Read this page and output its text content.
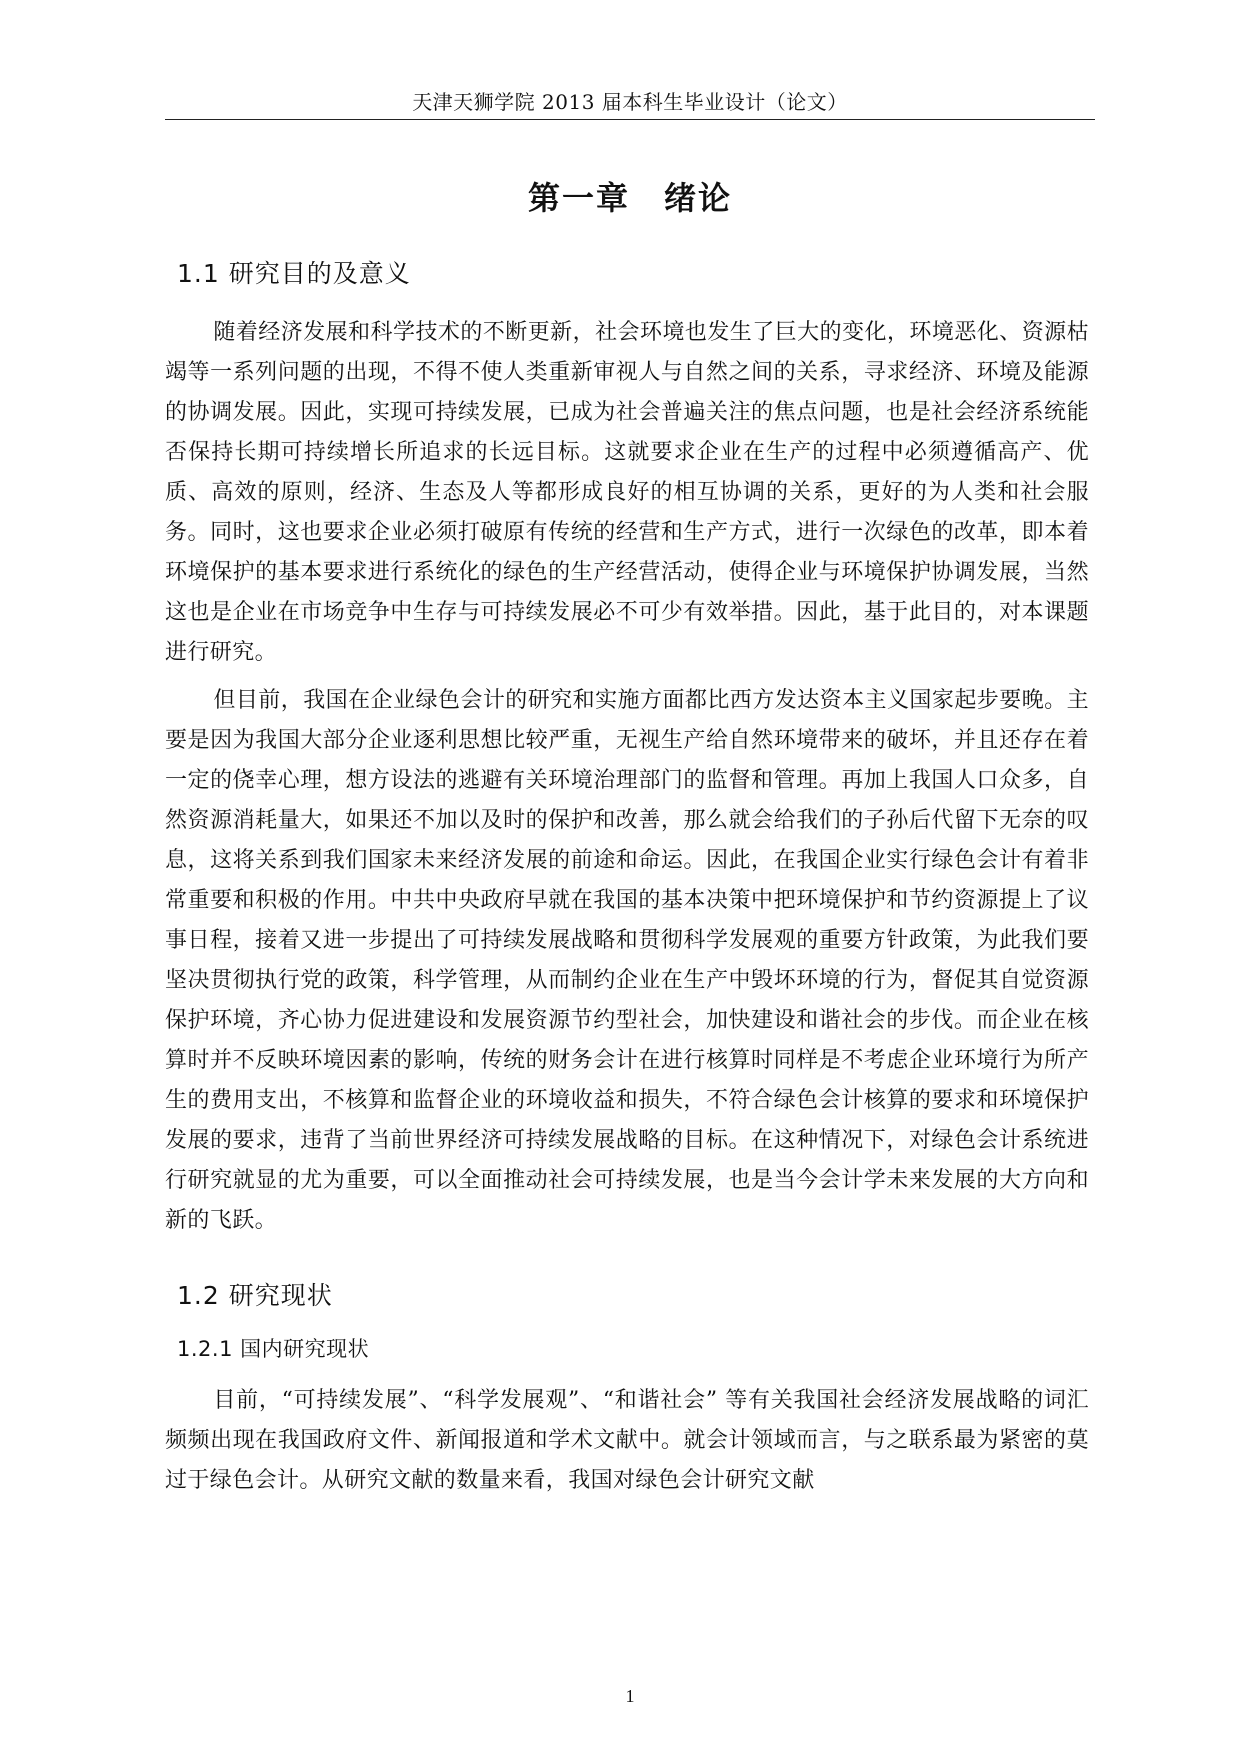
天津天狮学院 2013 届本科生毕业设计（论文）
第一章 绪论
1.1 研究目的及意义

随着经济发展和科学技术的不断更新，社会环境也发生了巨大的变化，环境恶化、资源枯竭等一系列问题的出现，不得不使人类重新审视人与自然之间的关系，寻求经济、环境及能源的协调发展。因此，实现可持续发展，已成为社会普遍关注的焦点问题，也是社会经济系统能否保持长期可持续增长所追求的长远目标。这就要求企业在生产的过程中必须遵循高产、优质、高效的原则，经济、生态及人等都形成良好的相互协调的关系，更好的为人类和社会服务。同时，这也要求企业必须打破原有传统的经营和生产方式，进行一次绿色的改革，即本着环境保护的基本要求进行系统化的绿色的生产经营活动，使得企业与环境保护协调发展，当然这也是企业在市场竞争中生存与可持续发展必不可少有效举措。因此，基于此目的，对本课题进行研究。

但目前，我国在企业绿色会计的研究和实施方面都比西方发达资本主义国家起步要晚。主要是因为我国大部分企业逐利思想比较严重，无视生产给自然环境带来的破坏，并且还存在着一定的侥幸心理，想方设法的逃避有关环境治理部门的监督和管理。再加上我国人口众多，自然资源消耗量大，如果还不加以及时的保护和改善，那么就会给我们的子孙后代留下无奈的叹息，这将关系到我们国家未来经济发展的前途和命运。因此，在我国企业实行绿色会计有着非常重要和积极的作用。中共中央政府早就在我国的基本决策中把环境保护和节约资源提上了议事日程，接着又进一步提出了可持续发展战略和贯彻科学发展观的重要方针政策，为此我们要坚决贯彻执行党的政策，科学管理，从而制约企业在生产中毁坏环境的行为，督促其自觉资源保护环境，齐心协力促进建设和发展资源节约型社会，加快建设和谐社会的步伐。而企业在核算时并不反映环境因素的影响，传统的财务会计在进行核算时同样是不考虑企业环境行为所产生的费用支出，不核算和监督企业的环境收益和损失，不符合绿色会计核算的要求和环境保护发展的要求，违背了当前世界经济可持续发展战略的目标。在这种情况下，对绿色会计系统进行研究就显的尤为重要，可以全面推动社会可持续发展，也是当今会计学未来发展的大方向和新的飞跃。

1.2 研究现状
1.2.1 国内研究现状

目前，“可持续发展”、“科学发展观”、“和谐社会” 等有关我国社会经济发展战略的词汇频频出现在我国政府文件、新闻报道和学术文献中。就会计领域而言，与之联系最为紧密的莫过于绿色会计。从研究文献的数量来看，我国对绿色会计研究文献

1
